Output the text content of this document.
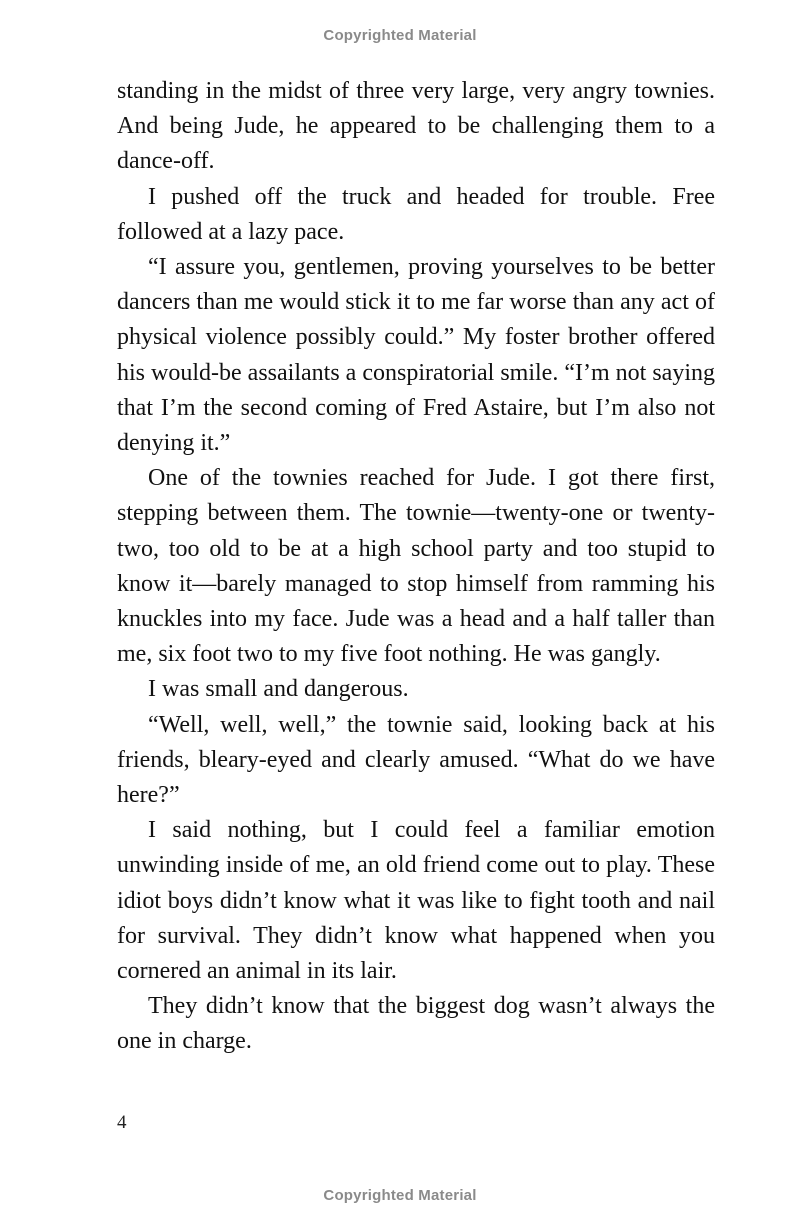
Copyrighted Material

standing in the midst of three very large, very angry townies. And being Jude, he appeared to be challenging them to a dance-off.

I pushed off the truck and headed for trouble. Free followed at a lazy pace.

“I assure you, gentlemen, proving yourselves to be better dancers than me would stick it to me far worse than any act of physical violence possibly could.” My foster brother offered his would-be assailants a conspiratorial smile. “I’m not saying that I’m the second coming of Fred Astaire, but I’m also not denying it.”

One of the townies reached for Jude. I got there first, stepping between them. The townie—twenty-one or twenty-two, too old to be at a high school party and too stupid to know it—barely managed to stop himself from ramming his knuckles into my face. Jude was a head and a half taller than me, six foot two to my five foot nothing. He was gangly.

I was small and dangerous.

“Well, well, well,” the townie said, looking back at his friends, bleary-eyed and clearly amused. “What do we have here?”

I said nothing, but I could feel a familiar emotion unwinding inside of me, an old friend come out to play. These idiot boys didn’t know what it was like to fight tooth and nail for survival. They didn’t know what happened when you cornered an animal in its lair.

They didn’t know that the biggest dog wasn’t always the one in charge.

4
Copyrighted Material
